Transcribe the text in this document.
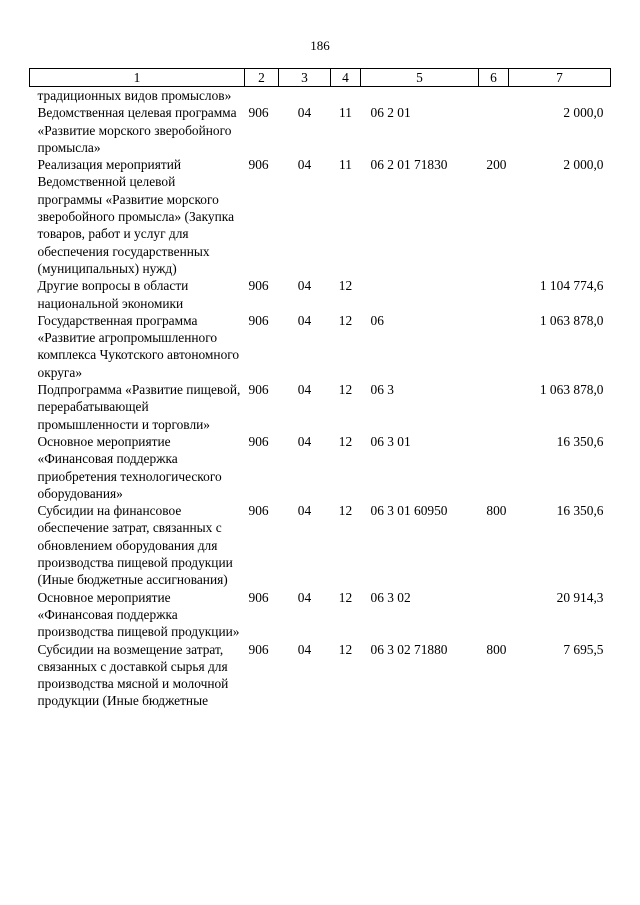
186
1	2	3	4	5	6	7
традиционных видов промыслов»						
Ведомственная целевая программа «Развитие морского зверобойного промысла»	906	04	11	06 2 01		2 000,0
Реализация мероприятий Ведомственной целевой программы «Развитие морского зверобойного промысла» (Закупка товаров, работ и услуг для обеспечения государственных (муниципальных) нужд)	906	04	11	06 2 01 71830	200	2 000,0
Другие вопросы в области национальной экономики	906	04	12			1 104 774,6
Государственная программа «Развитие агропромышленного комплекса Чукотского автономного округа»	906	04	12	06		1 063 878,0
Подпрограмма «Развитие пищевой, перерабатывающей промышленности и торговли»	906	04	12	06 3		1 063 878,0
Основное мероприятие «Финансовая поддержка приобретения технологического оборудования»	906	04	12	06 3 01		16 350,6
Субсидии на финансовое обеспечение затрат, связанных с обновлением оборудования для производства пищевой продукции (Иные бюджетные ассигнования)	906	04	12	06 3 01 60950	800	16 350,6
Основное мероприятие «Финансовая поддержка производства пищевой продукции»	906	04	12	06 3 02		20 914,3
Субсидии на возмещение затрат, связанных с доставкой сырья для производства мясной и молочной продукции (Иные бюджетные	906	04	12	06 3 02 71880	800	7 695,5
